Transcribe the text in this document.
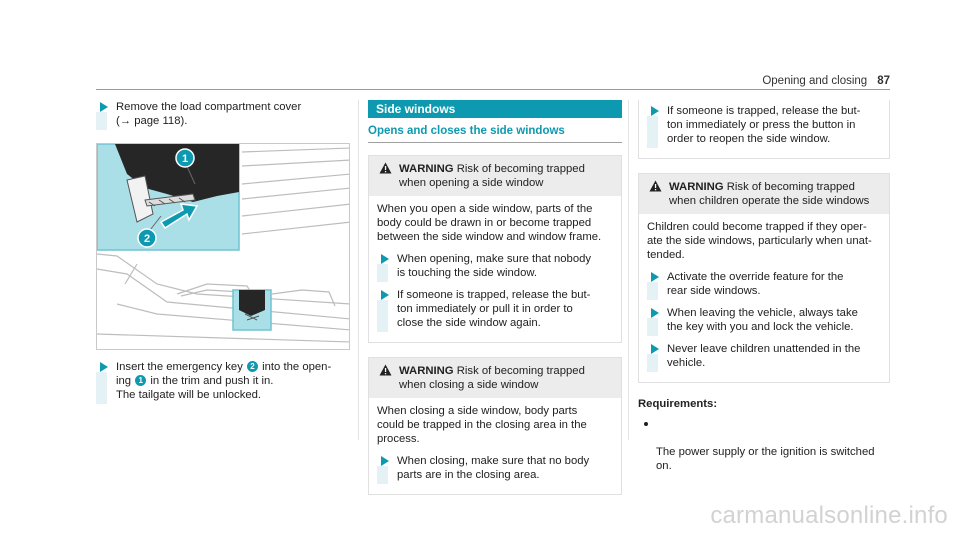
Opening and closing 87
Remove the load compartment cover
(→ page 118).
1
2
Insert the emergency key 2 into the open-
ing 1 in the trim and push it in.
The tailgate will be unlocked.
Side windows
Opens and closes the side windows
WARNING Risk of becoming trapped
when opening a side window
When you open a side window, parts of the
body could be drawn in or become trapped
between the side window and window frame.
When opening, make sure that nobody
is touching the side window.
If someone is trapped, release the but-
ton immediately or pull it in order to
close the side window again.
WARNING Risk of becoming trapped
when closing a side window
When closing a side window, body parts
could be trapped in the closing area in the
process.
When closing, make sure that no body
parts are in the closing area.
If someone is trapped, release the but-
ton immediately or press the button in
order to reopen the side window.
WARNING Risk of becoming trapped
when children operate the side windows
Children could become trapped if they oper-
ate the side windows, particularly when unat-
tended.
Activate the override feature for the
rear side windows.
When leaving the vehicle, always take
the key with you and lock the vehicle.
Never leave children unattended in the
vehicle.
Requirements:

The power supply or the ignition is switched
on.

carmanualsonline.info
